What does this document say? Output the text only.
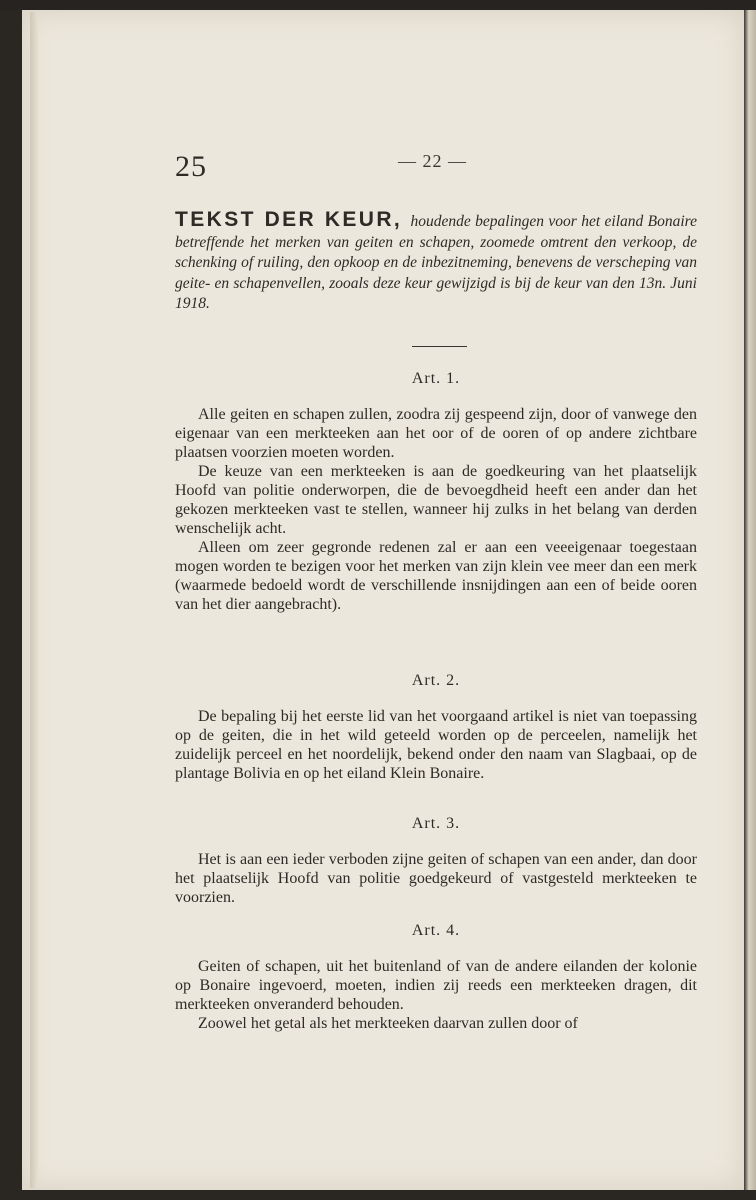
25	— 22 —
TEKST DER KEUR, houdende bepalingen voor het eiland Bonaire betreffende het merken van geiten en schapen, zoomede omtrent den verkoop, de schenking of ruiling, den opkoop en de inbezitneming, benevens de verscheping van geite- en schapenvellen, zooals deze keur gewijzigd is bij de keur van den 13n. Juni 1918.
Art. 1.

Alle geiten en schapen zullen, zoodra zij gespeend zijn, door of vanwege den eigenaar van een merkteeken aan het oor of de ooren of op andere zichtbare plaatsen voorzien moeten worden.

De keuze van een merkteeken is aan de goedkeuring van het plaatselijk Hoofd van politie onderworpen, die de bevoegdheid heeft een ander dan het gekozen merkteeken vast te stellen, wanneer hij zulks in het belang van derden wenschelijk acht.

Alleen om zeer gegronde redenen zal er aan een veeeigenaar toegestaan mogen worden te bezigen voor het merken van zijn klein vee meer dan een merk (waarmede bedoeld wordt de verschillende insnijdingen aan een of beide ooren van het dier aangebracht).

Art. 2.

De bepaling bij het eerste lid van het voorgaand artikel is niet van toepassing op de geiten, die in het wild geteeld worden op de perceelen, namelijk het zuidelijk perceel en het noordelijk, bekend onder den naam van Slagbaai, op de plantage Bolivia en op het eiland Klein Bonaire.

Art. 3.

Het is aan een ieder verboden zijne geiten of schapen van een ander, dan door het plaatselijk Hoofd van politie goedgekeurd of vastgesteld merkteeken te voorzien.

Art. 4.

Geiten of schapen, uit het buitenland of van de andere eilanden der kolonie op Bonaire ingevoerd, moeten, indien zij reeds een merkteeken dragen, dit merkteeken onveranderd behouden.

Zoowel het getal als het merkteeken daarvan zullen door of
